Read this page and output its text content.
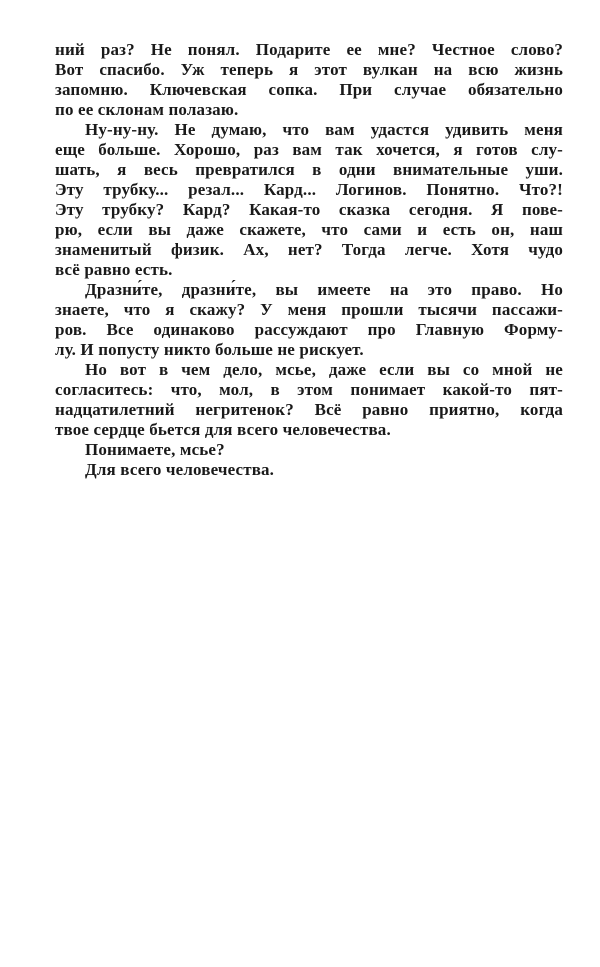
ний раз? Не понял. Подарите ее мне? Честное слово?
Вот спасибо. Уж теперь я этот вулкан на всю жизнь
запомню. Ключевская сопка. При случае обязательно
по ее склонам полазаю.
Ну-ну-ну. Не думаю, что вам удастся удивить меня
еще больше. Хорошо, раз вам так хочется, я готов слу-
шать, я весь превратился в одни внимательные уши.
Эту трубку... резал... Кард... Логинов. Понятно. Что?!
Эту трубку? Кард? Какая-то сказка сегодня. Я пове-
рю, если вы даже скажете, что сами и есть он, наш
знаменитый физик. Ах, нет? Тогда легче. Хотя чудо
всё равно есть.
Дразни́те, дразни́те, вы имеете на это право. Но
знаете, что я скажу? У меня прошли тысячи пассажи-
ров. Все одинаково рассуждают про Главную Форму-
лу. И попусту никто больше не рискует.
Но вот в чем дело, мсье, даже если вы со мной не
согласитесь: что, мол, в этом понимает какой-то пят-
надцатилетний негритенок? Всё равно приятно, когда
твое сердце бьется для всего человечества.
Понимаете, мсье?
Для всего человечества.
